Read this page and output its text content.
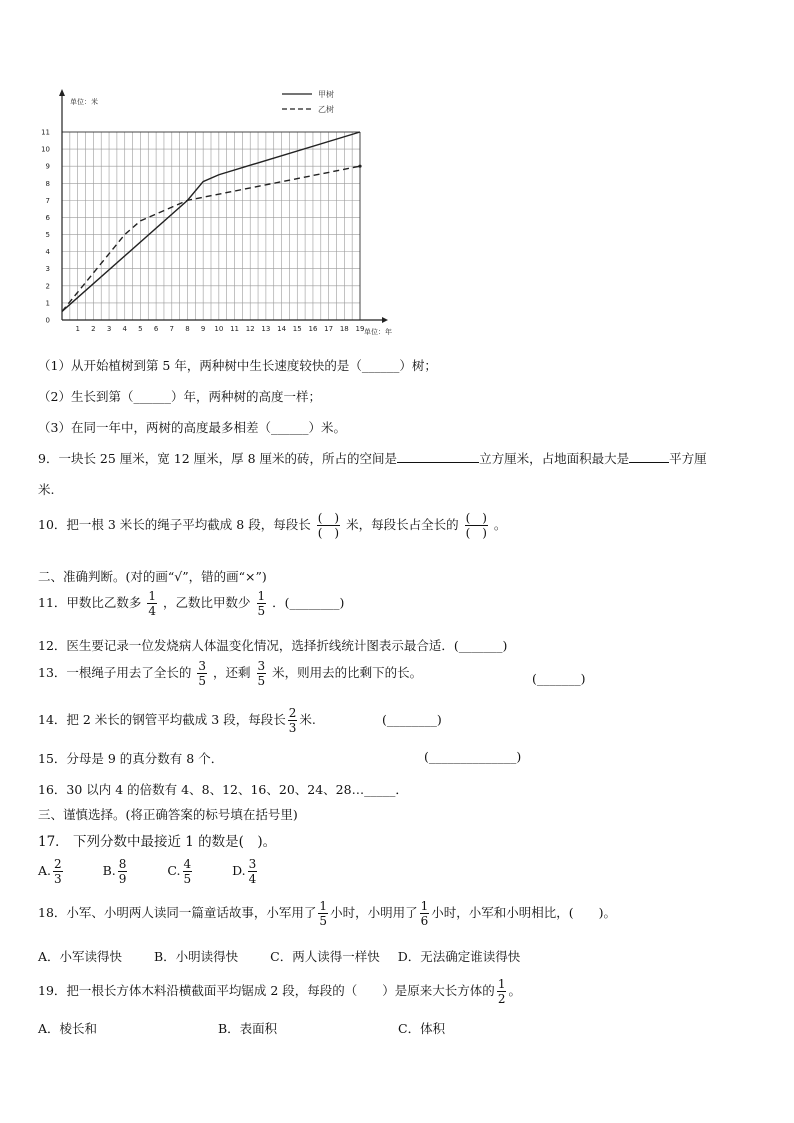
1 2 3 4 5 6 7 8 9 10 11 12 13 14 15 16 17 18 19
0
1
2
3
4
5
6
7
8
9
10
11
单位：米
单位：年
甲树
乙树
（1）从开始植树到第 5 年，两种树中生长速度较快的是（______）树；
（2）生长到第（______）年，两种树的高度一样；
（3）在同一年中，两树的高度最多相差（______）米。
9．一块长 25 厘米，宽 12 厘米，厚 8 厘米的砖，所占的空间是	立方厘米，占地面积最大是	平方厘
米.
10．把一根 3 米长的绳子平均截成 8 段，每段长 $\frac{( )}{( )}$ 米，每段长占全长的 $\frac{( )}{( )}$ 。
二、准确判断。(对的画“√”，错的画“×”)
11．甲数比乙数多 $\frac{1}{4}$ ，乙数比甲数少 $\frac{1}{5}$ ．(________)
12．医生要记录一位发烧病人体温变化情况，选择折线统计图表示最合适．(_______)
13．一根绳子用去了全长的 $\frac{3}{5}$ ，还剩 $\frac{3}{5}$ 米，则用去的比剩下的长。	(_______)
14．把 2 米长的钢管平均截成 3 段，每段长 $\frac{2}{3}$ 米.	(________)
15．分母是 9 的真分数有 8 个．	(______________)
16．30 以内 4 的倍数有 4、8、12、16、20、24、28…_____．
三、谨慎选择。(将正确答案的标号填在括号里)
17． 下列分数中最接近 1 的数是(　)。
A. $\frac{2}{3}$	B. $\frac{8}{9}$	C. $\frac{4}{5}$	D. $\frac{3}{4}$
18．小军、小明两人读同一篇童话故事，小军用了 $\frac{1}{5}$ 小时，小明用了 $\frac{1}{6}$ 小时，小军和小明相比，(　　)。
A．小军读得快	B．小明读得快	C．两人读得一样快 D．无法确定谁读得快
19．把一根长方体木料沿横截面平均锯成 2 段，每段的（　　）是原来大长方体的 $\frac{1}{2}$ 。
A．棱长和	B．表面积	C．体积
